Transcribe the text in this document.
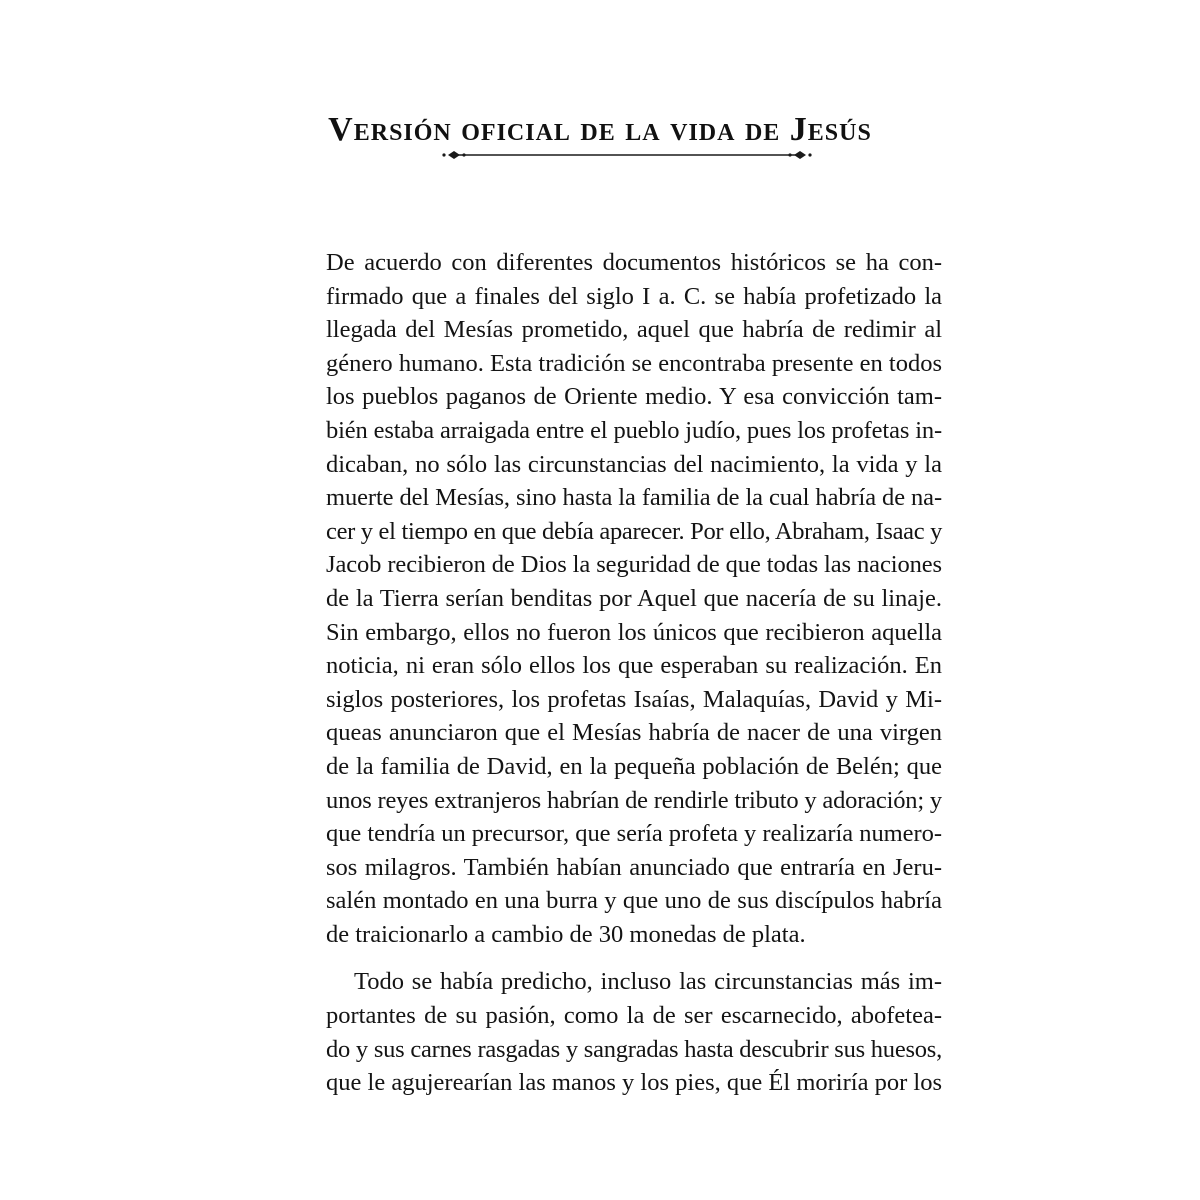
Versión oficial de la vida de Jesús
De acuerdo con diferentes documentos históricos se ha con-
firmado que a finales del siglo I a. C. se había profetizado la
llegada del Mesías prometido, aquel que habría de redimir al
género humano. Esta tradición se encontraba presente en todos
los pueblos paganos de Oriente medio. Y esa convicción tam-
bién estaba arraigada entre el pueblo judío, pues los profetas in-
dicaban, no sólo las circunstancias del nacimiento, la vida y la
muerte del Mesías, sino hasta la familia de la cual habría de na-
cer y el tiempo en que debía aparecer. Por ello, Abraham, Isaac y
Jacob recibieron de Dios la seguridad de que todas las naciones
de la Tierra serían benditas por Aquel que nacería de su linaje.
Sin embargo, ellos no fueron los únicos que recibieron aquella
noticia, ni eran sólo ellos los que esperaban su realización. En
siglos posteriores, los profetas Isaías, Malaquías, David y Mi-
queas anunciaron que el Mesías habría de nacer de una virgen
de la familia de David, en la pequeña población de Belén; que
unos reyes extranjeros habrían de rendirle tributo y adoración; y
que tendría un precursor, que sería profeta y realizaría numero-
sos milagros. También habían anunciado que entraría en Jeru-
salén montado en una burra y que uno de sus discípulos habría
de traicionarlo a cambio de 30 monedas de plata.
Todo se había predicho, incluso las circunstancias más im-
portantes de su pasión, como la de ser escarnecido, abofetea-
do y sus carnes rasgadas y sangradas hasta descubrir sus huesos,
que le agujerearían las manos y los pies, que Él moriría por los
